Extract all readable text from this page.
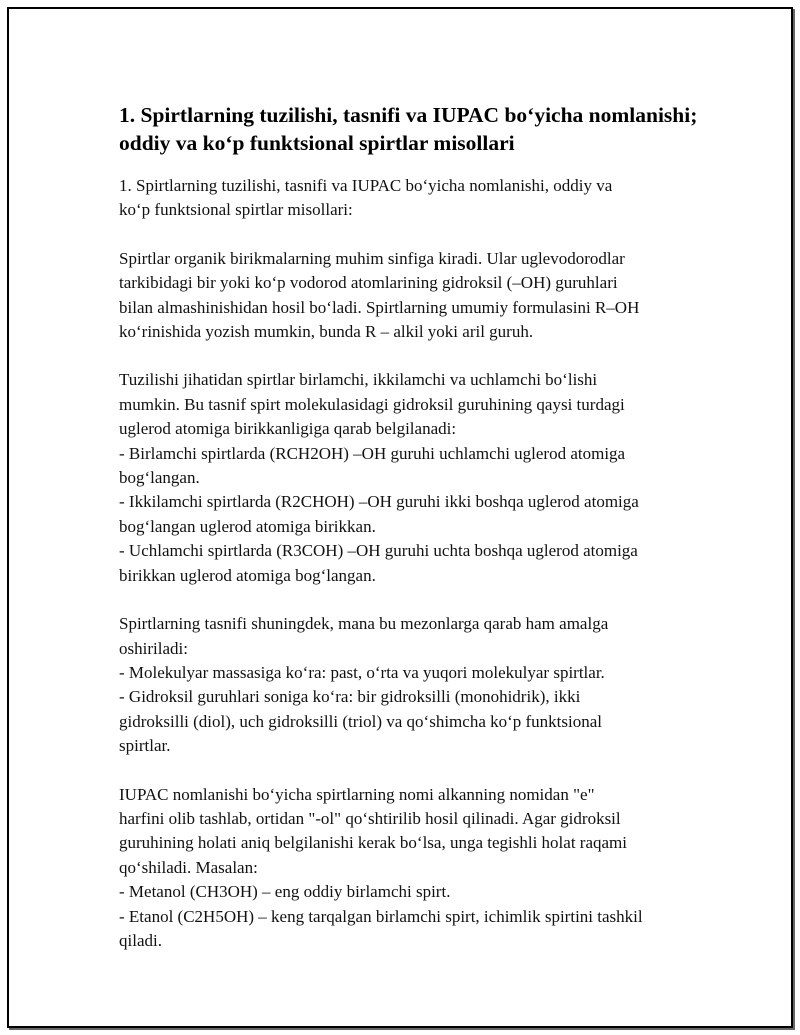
1. Spirtlarning tuzilishi, tasnifi va IUPAC bo‘yicha nomlanishi;
oddiy va ko‘p funktsional spirtlar misollari

1. Spirtlarning tuzilishi, tasnifi va IUPAC bo‘yicha nomlanishi, oddiy va
ko‘p funktsional spirtlar misollari:

Spirtlar organik birikmalarning muhim sinfiga kiradi. Ular uglevodorodlar
tarkibidagi bir yoki ko‘p vodorod atomlarining gidroksil (–OH) guruhlari
bilan almashinishidan hosil bo‘ladi. Spirtlarning umumiy formulasini R–OH
ko‘rinishida yozish mumkin, bunda R – alkil yoki aril guruh.

Tuzilishi jihatidan spirtlar birlamchi, ikkilamchi va uchlamchi bo‘lishi
mumkin. Bu tasnif spirt molekulasidagi gidroksil guruhining qaysi turdagi
uglerod atomiga birikkanligiga qarab belgilanadi:
- Birlamchi spirtlarda (RCH2OH) –OH guruhi uchlamchi uglerod atomiga
bog‘langan.
- Ikkilamchi spirtlarda (R2CHOH) –OH guruhi ikki boshqa uglerod atomiga
bog‘langan uglerod atomiga birikkan.
- Uchlamchi spirtlarda (R3COH) –OH guruhi uchta boshqa uglerod atomiga
birikkan uglerod atomiga bog‘langan.

Spirtlarning tasnifi shuningdek, mana bu mezonlarga qarab ham amalga
oshiriladi:
- Molekulyar massasiga ko‘ra: past, o‘rta va yuqori molekulyar spirtlar.
- Gidroksil guruhlari soniga ko‘ra: bir gidroksilli (monohidrik), ikki
gidroksilli (diol), uch gidroksilli (triol) va qo‘shimcha ko‘p funktsional
spirtlar.

IUPAC nomlanishi bo‘yicha spirtlarning nomi alkanning nomidan "e"
harfini olib tashlab, ortidan "-ol" qo‘shtirilib hosil qilinadi. Agar gidroksil
guruhining holati aniq belgilanishi kerak bo‘lsa, unga tegishli holat raqami
qo‘shiladi. Masalan:
- Metanol (CH3OH) – eng oddiy birlamchi spirt.
- Etanol (C2H5OH) – keng tarqalgan birlamchi spirt, ichimlik spirtini tashkil
qiladi.
